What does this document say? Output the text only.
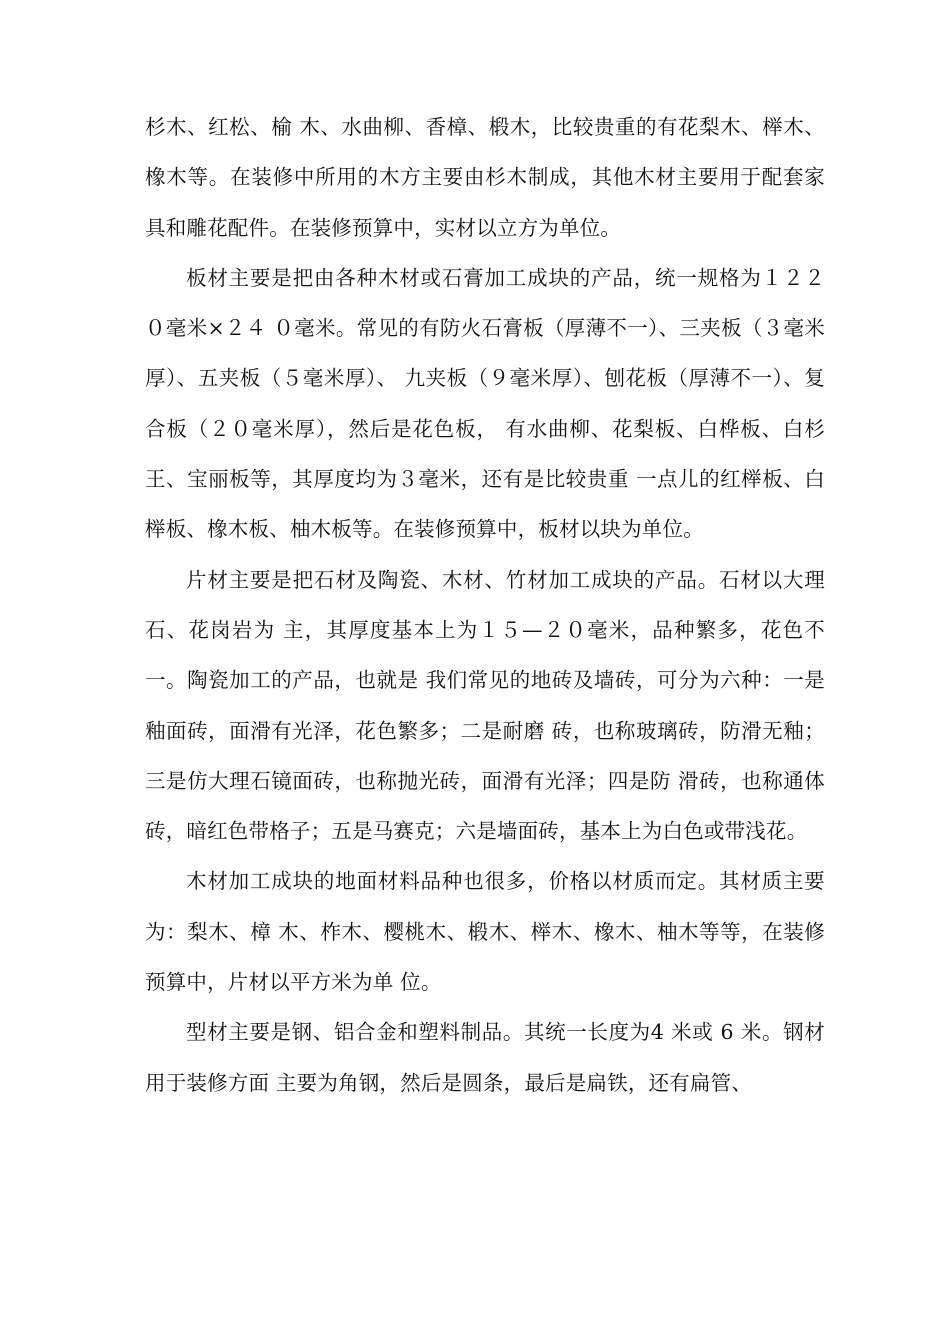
杉木、红松、榆 木、水曲柳、香樟、椴木，比较贵重的有花梨木、榉木、橡木等。在装修中所用的木方主要由杉木制成，其他木材主要用于配套家具和雕花配件。在装修预算中，实材以立方为单位。

板材主要是把由各种木材或石膏加工成块的产品，统一规格为１２２０毫米×２４ ０毫米。常见的有防火石膏板（厚薄不一）、三夹板（３毫米厚）、五夹板（５毫米厚）、 九夹板（９毫米厚）、刨花板（厚薄不一）、复合板（２０毫米厚），然后是花色板， 有水曲柳、花梨板、白桦板、白杉王、宝丽板等，其厚度均为３毫米，还有是比较贵重 一点儿的红榉板、白榉板、橡木板、柚木板等。在装修预算中，板材以块为单位。

片材主要是把石材及陶瓷、木材、竹材加工成块的产品。石材以大理石、花岗岩为 主，其厚度基本上为１５—２０毫米，品种繁多，花色不一。陶瓷加工的产品，也就是 我们常见的地砖及墙砖，可分为六种：一是釉面砖，面滑有光泽，花色繁多；二是耐磨 砖，也称玻璃砖，防滑无釉；三是仿大理石镜面砖，也称抛光砖，面滑有光泽；四是防 滑砖，也称通体砖，暗红色带格子；五是马赛克；六是墙面砖，基本上为白色或带浅花。

木材加工成块的地面材料品种也很多，价格以材质而定。其材质主要为：梨木、樟 木、柞木、樱桃木、椴木、榉木、橡木、柚木等等，在装修预算中，片材以平方米为单 位。

型材主要是钢、铝合金和塑料制品。其统一长度为4 米或 6 米。钢材用于装修方面 主要为角钢，然后是圆条，最后是扁铁，还有扁管、
